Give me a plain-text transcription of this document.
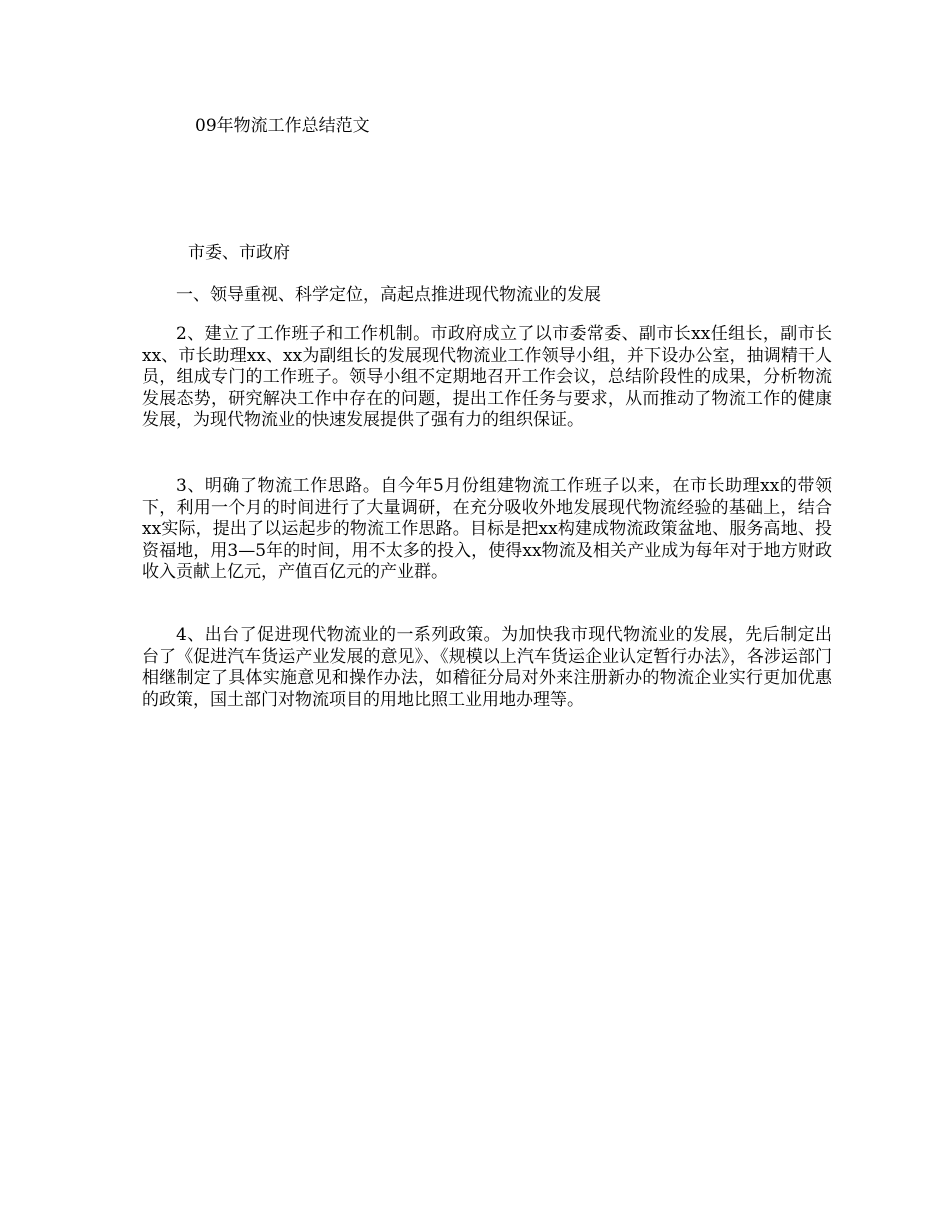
09年物流工作总结范文
市委、市政府
一、领导重视、科学定位，高起点推进现代物流业的发展

2、建立了工作班子和工作机制。市政府成立了以市委常委、副市长xx任组长，副市长xx、市长助理xx、xx为副组长的发展现代物流业工作领导小组，并下设办公室，抽调精干人员，组成专门的工作班子。领导小组不定期地召开工作会议，总结阶段性的成果，分析物流发展态势，研究解决工作中存在的问题，提出工作任务与要求，从而推动了物流工作的健康发展，为现代物流业的快速发展提供了强有力的组织保证。

3、明确了物流工作思路。自今年5月份组建物流工作班子以来，在市长助理xx的带领下，利用一个月的时间进行了大量调研，在充分吸收外地发展现代物流经验的基础上，结合xx实际，提出了以运起步的物流工作思路。目标是把xx构建成物流政策盆地、服务高地、投资福地，用3—5年的时间，用不太多的投入，使得xx物流及相关产业成为每年对于地方财政收入贡献上亿元，产值百亿元的产业群。

4、出台了促进现代物流业的一系列政策。为加快我市现代物流业的发展，先后制定出台了《促进汽车货运产业发展的意见》、《规模以上汽车货运企业认定暂行办法》，各涉运部门相继制定了具体实施意见和操作办法，如稽征分局对外来注册新办的物流企业实行更加优惠的政策，国土部门对物流项目的用地比照工业用地办理等。
